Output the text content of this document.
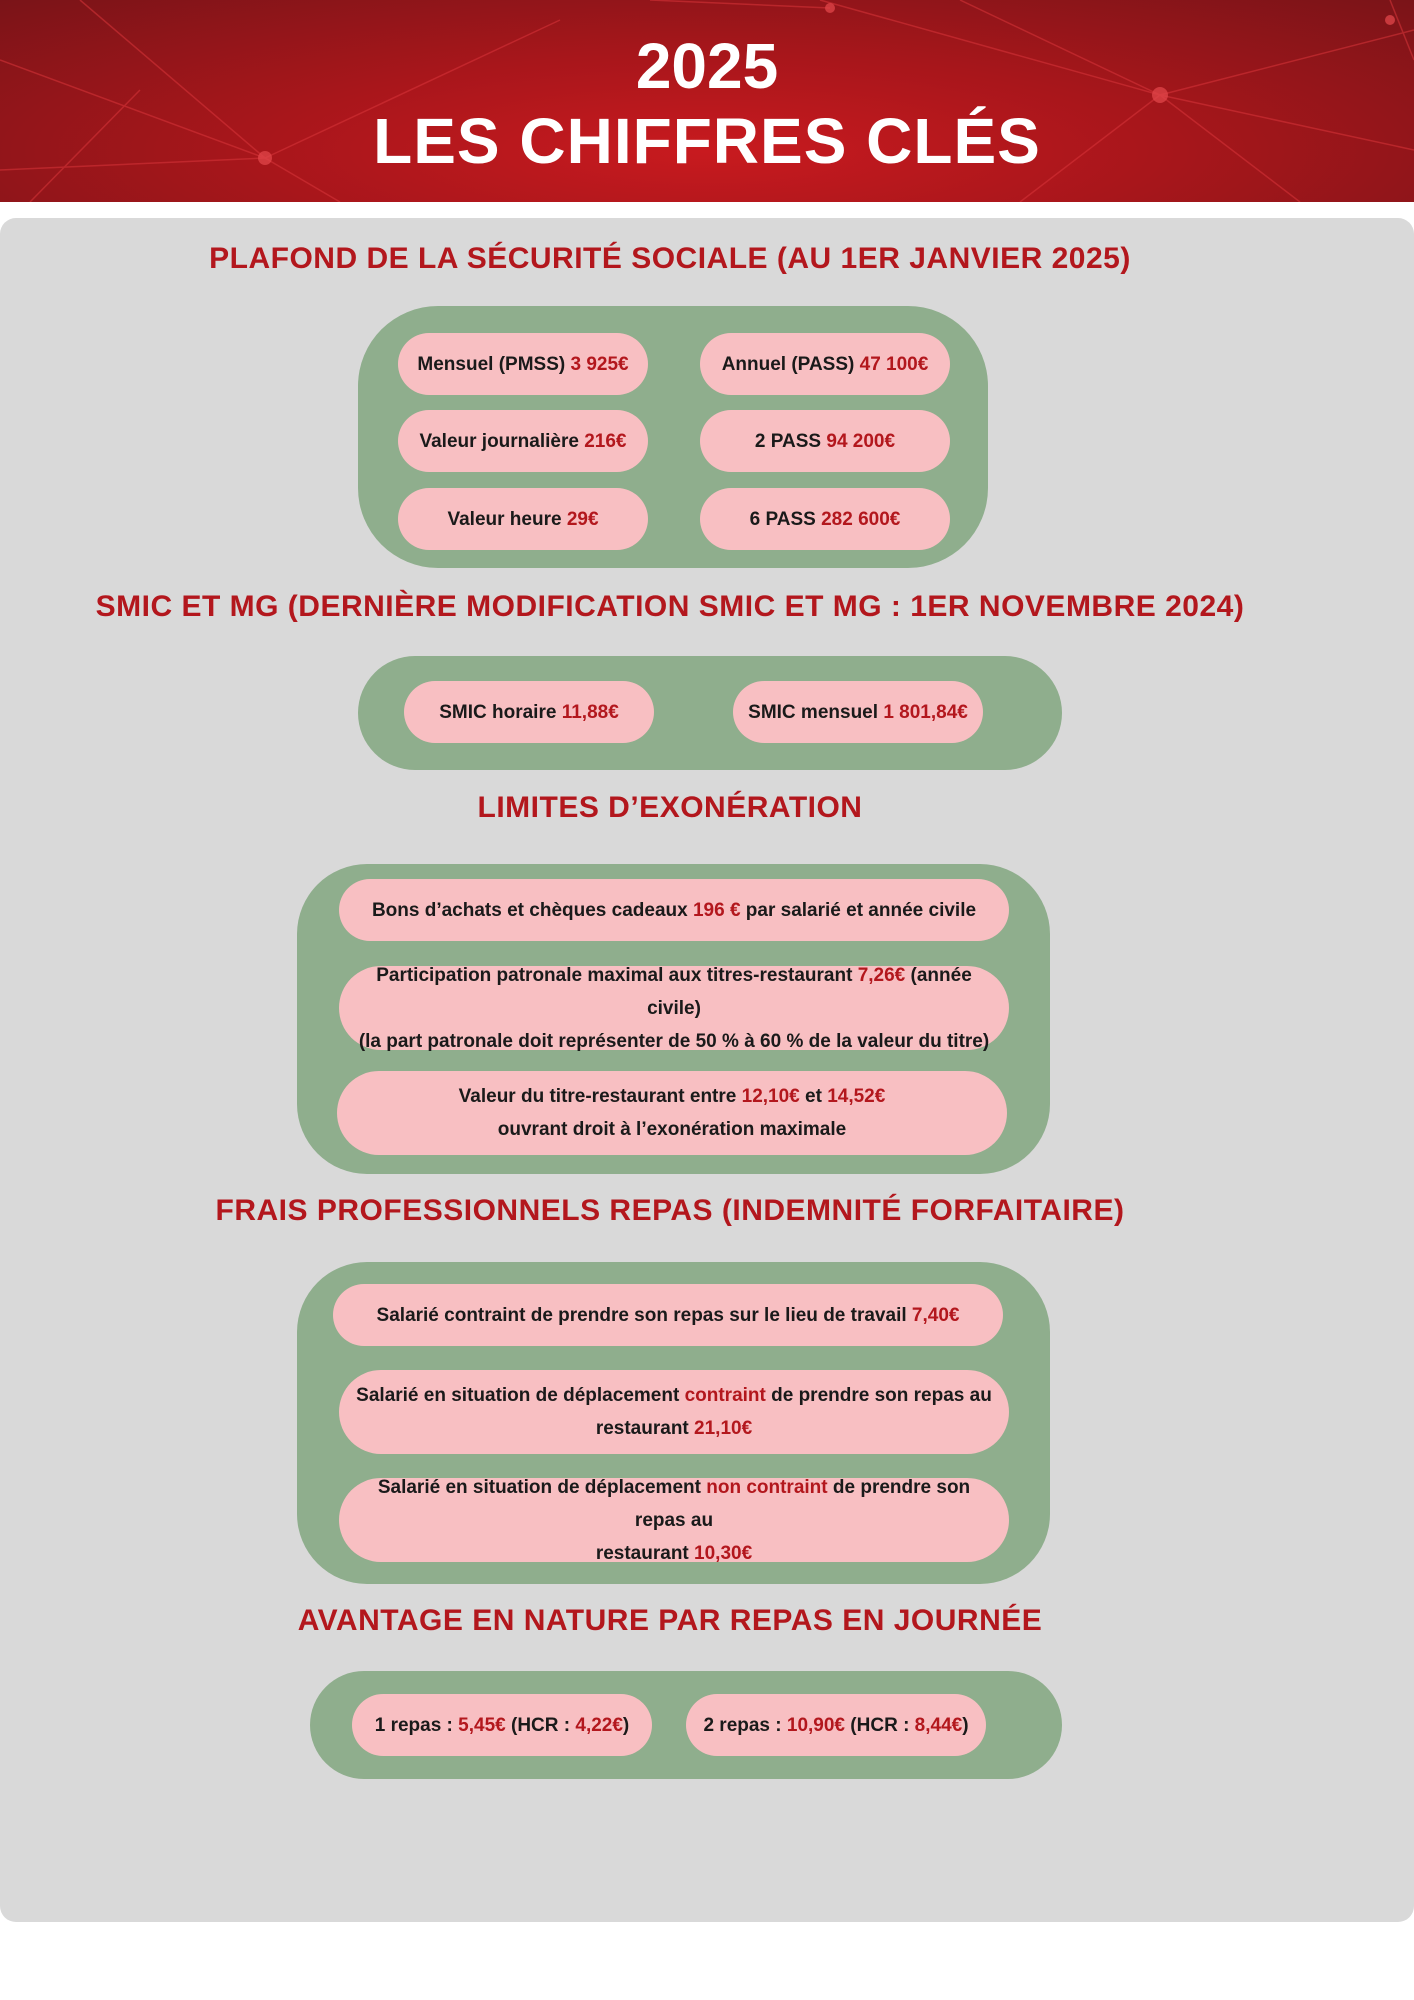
2025
LES CHIFFRES CLÉS
PLAFOND DE LA SÉCURITÉ SOCIALE (AU 1ER JANVIER 2025)
Mensuel (PMSS) 3 925€	Annuel (PASS) 47 100€
Valeur journalière 216€	2 PASS 94 200€
Valeur heure 29€	6 PASS 282 600€
SMIC ET MG (DERNIÈRE MODIFICATION SMIC ET MG : 1ER NOVEMBRE 2024)
SMIC horaire 11,88€	SMIC mensuel 1 801,84€
LIMITES D’EXONÉRATION
Bons d’achats et chèques cadeaux 196 € par salarié et année civile
Participation patronale maximal aux titres-restaurant 7,26€ (année civile)
(la part patronale doit représenter de 50 % à 60 % de la valeur du titre)
Valeur du titre-restaurant entre 12,10€ et 14,52€
ouvrant droit à l’exonération maximale
FRAIS PROFESSIONNELS REPAS (INDEMNITÉ FORFAITAIRE)
Salarié contraint de prendre son repas sur le lieu de travail 7,40€
Salarié en situation de déplacement contraint de prendre son repas au
restaurant 21,10€
Salarié en situation de déplacement non contraint de prendre son repas au
restaurant 10,30€
AVANTAGE EN NATURE PAR REPAS EN JOURNÉE
1 repas : 5,45€ (HCR : 4,22€)	2 repas : 10,90€ (HCR : 8,44€)
